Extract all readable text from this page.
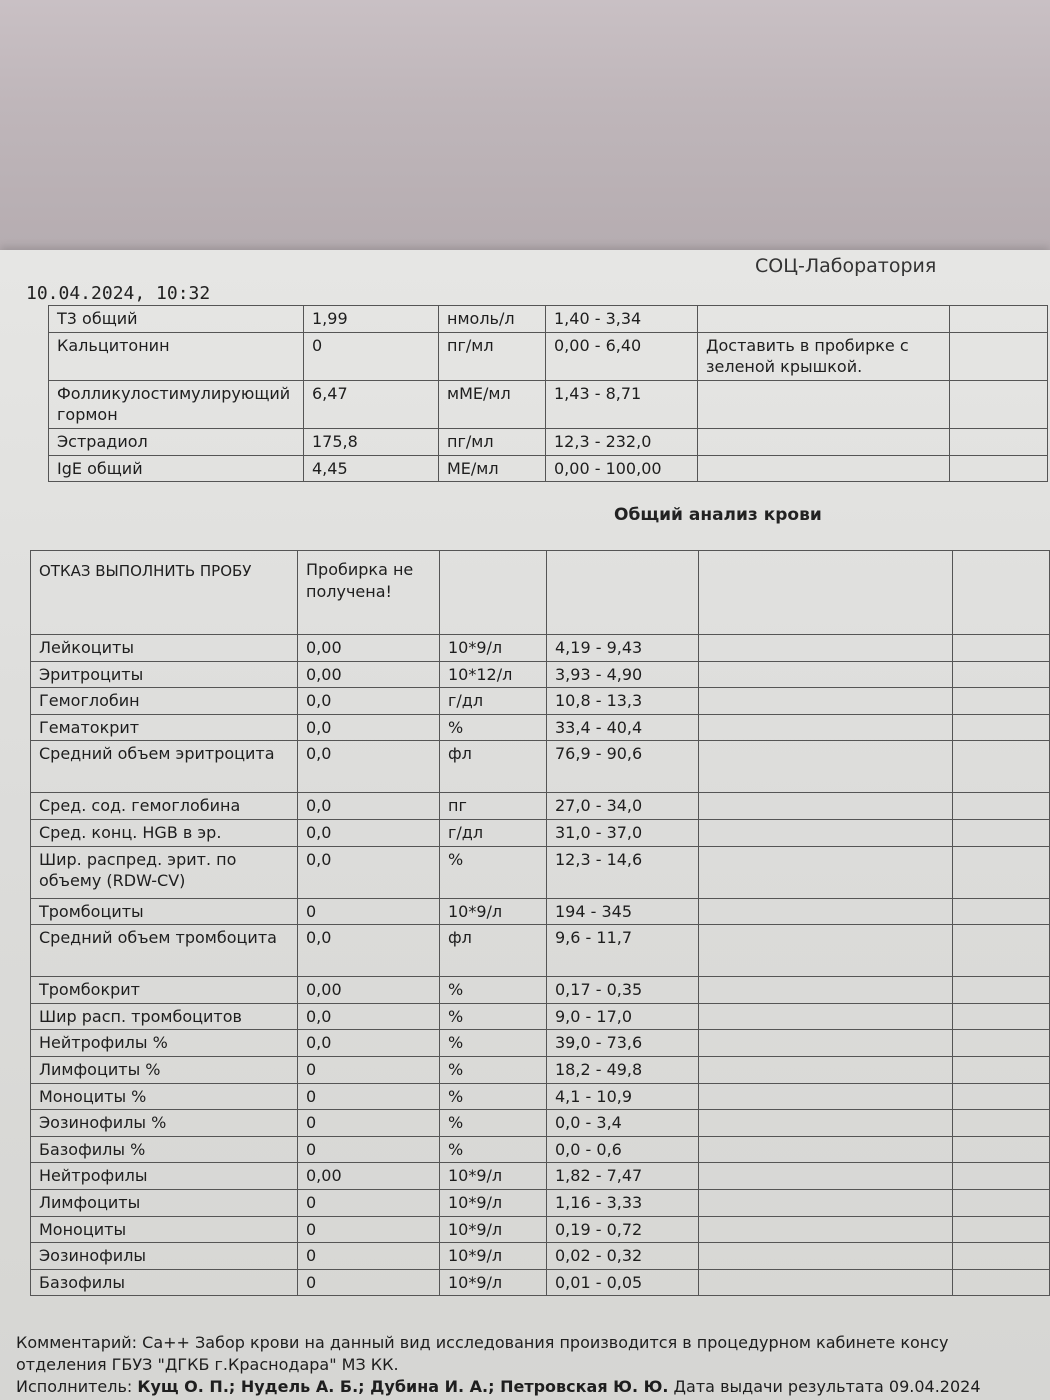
10.04.2024, 10:32
СОЦ-Лаборатория
Т3 общий	1,99	нмоль/л	1,40 - 3,34		
Кальцитонин	0	пг/мл	0,00 - 6,40	Доставить в пробирке с зеленой крышкой.	
Фолликулостимулирующий гормон	6,47	мМЕ/мл	1,43 - 8,71		
Эстрадиол	175,8	пг/мл	12,3 - 232,0		
IgE общий	4,45	МЕ/мл	0,00 - 100,00		
Общий анализ крови
ОТКАЗ ВЫПОЛНИТЬ ПРОБУ	Пробирка не получена!				
Лейкоциты	0,00	10*9/л	4,19 - 9,43		
Эритроциты	0,00	10*12/л	3,93 - 4,90		
Гемоглобин	0,0	г/дл	10,8 - 13,3		
Гематокрит	0,0	%	33,4 - 40,4		
Средний объем эритроцита	0,0	фл	76,9 - 90,6		
Сред. сод. гемоглобина	0,0	пг	27,0 - 34,0		
Сред. конц. HGB в эр.	0,0	г/дл	31,0 - 37,0		
Шир. распред. эрит. по объему (RDW-CV)	0,0	%	12,3 - 14,6		
Тромбоциты	0	10*9/л	194 - 345		
Средний объем тромбоцита	0,0	фл	9,6 - 11,7		
Тромбокрит	0,00	%	0,17 - 0,35		
Шир расп. тромбоцитов	0,0	%	9,0 - 17,0		
Нейтрофилы %	0,0	%	39,0 - 73,6		
Лимфоциты %	0	%	18,2 - 49,8		
Моноциты %	0	%	4,1 - 10,9		
Эозинофилы %	0	%	0,0 - 3,4		
Базофилы %	0	%	0,0 - 0,6		
Нейтрофилы	0,00	10*9/л	1,82 - 7,47		
Лимфоциты	0	10*9/л	1,16 - 3,33		
Моноциты	0	10*9/л	0,19 - 0,72		
Эозинофилы	0	10*9/л	0,02 - 0,32		
Базофилы	0	10*9/л	0,01 - 0,05		
Комментарий: Са++ Забор крови на данный вид исследования производится в процедурном кабинете консу
отделения ГБУЗ "ДГКБ г.Краснодара" МЗ КК.
Исполнитель: Кущ О. П.; Нудель А. Б.; Дубина И. А.; Петровская Ю. Ю. Дата выдачи результата 09.04.2024
